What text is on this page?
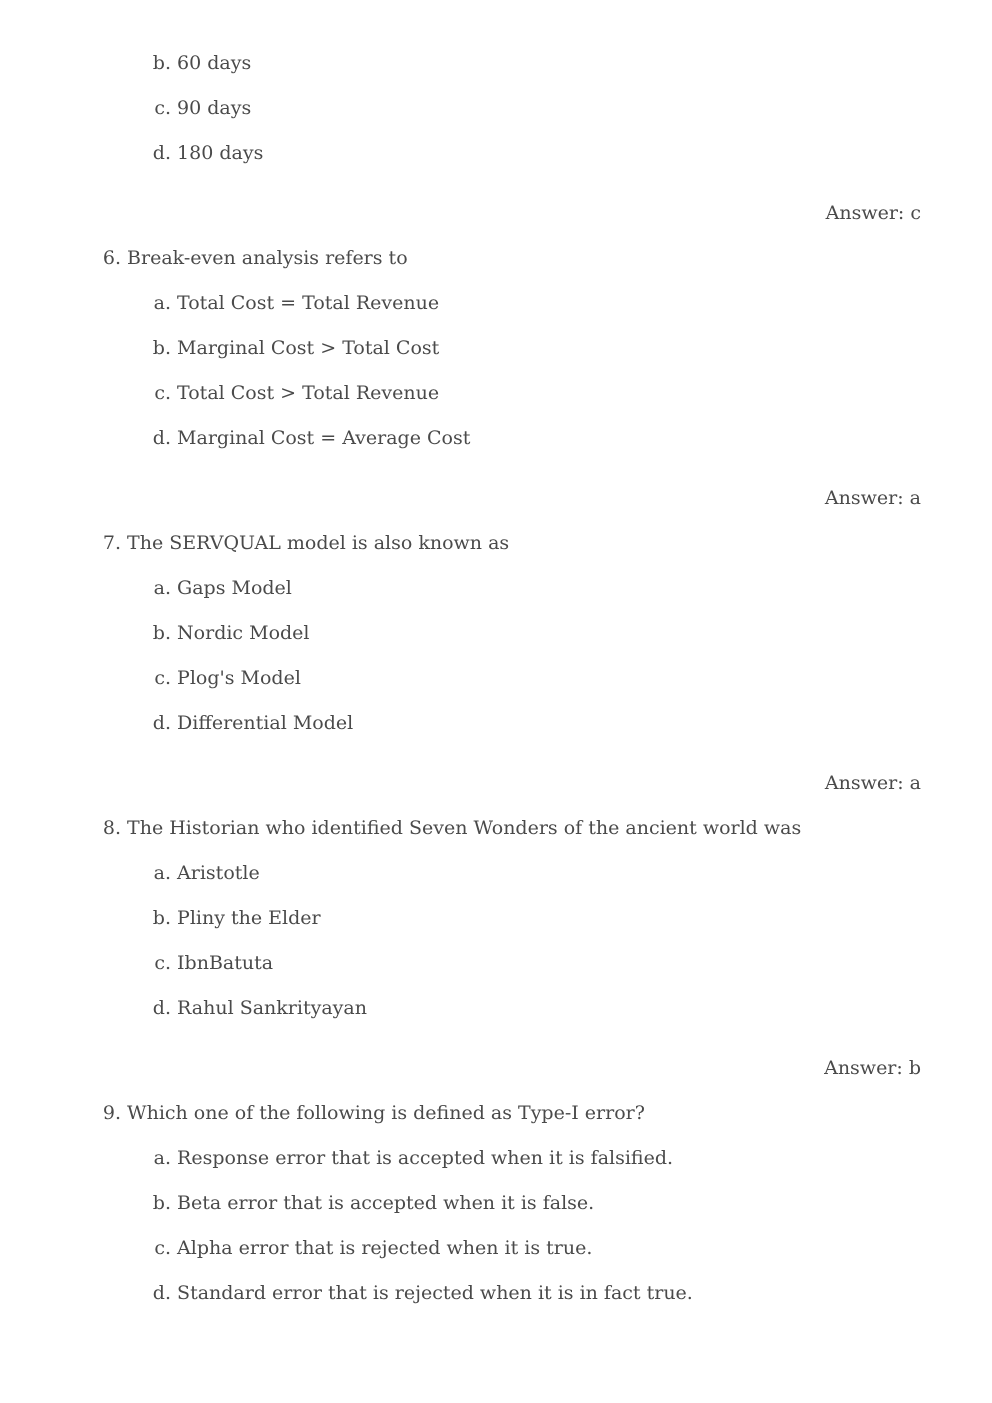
b. 60 days
c. 90 days
d. 180 days
Answer: c
6. Break-even analysis refers to
a. Total Cost = Total Revenue
b. Marginal Cost > Total Cost
c. Total Cost > Total Revenue
d. Marginal Cost = Average Cost
Answer: a
7. The SERVQUAL model is also known as
a. Gaps Model
b. Nordic Model
c. Plog's Model
d. Differential Model
Answer: a
8. The Historian who identified Seven Wonders of the ancient world was
a. Aristotle
b. Pliny the Elder
c. IbnBatuta
d. Rahul Sankrityayan
Answer: b
9. Which one of the following is defined as Type-I error?
a. Response error that is accepted when it is falsified.
b. Beta error that is accepted when it is false.
c. Alpha error that is rejected when it is true.
d. Standard error that is rejected when it is in fact true.
